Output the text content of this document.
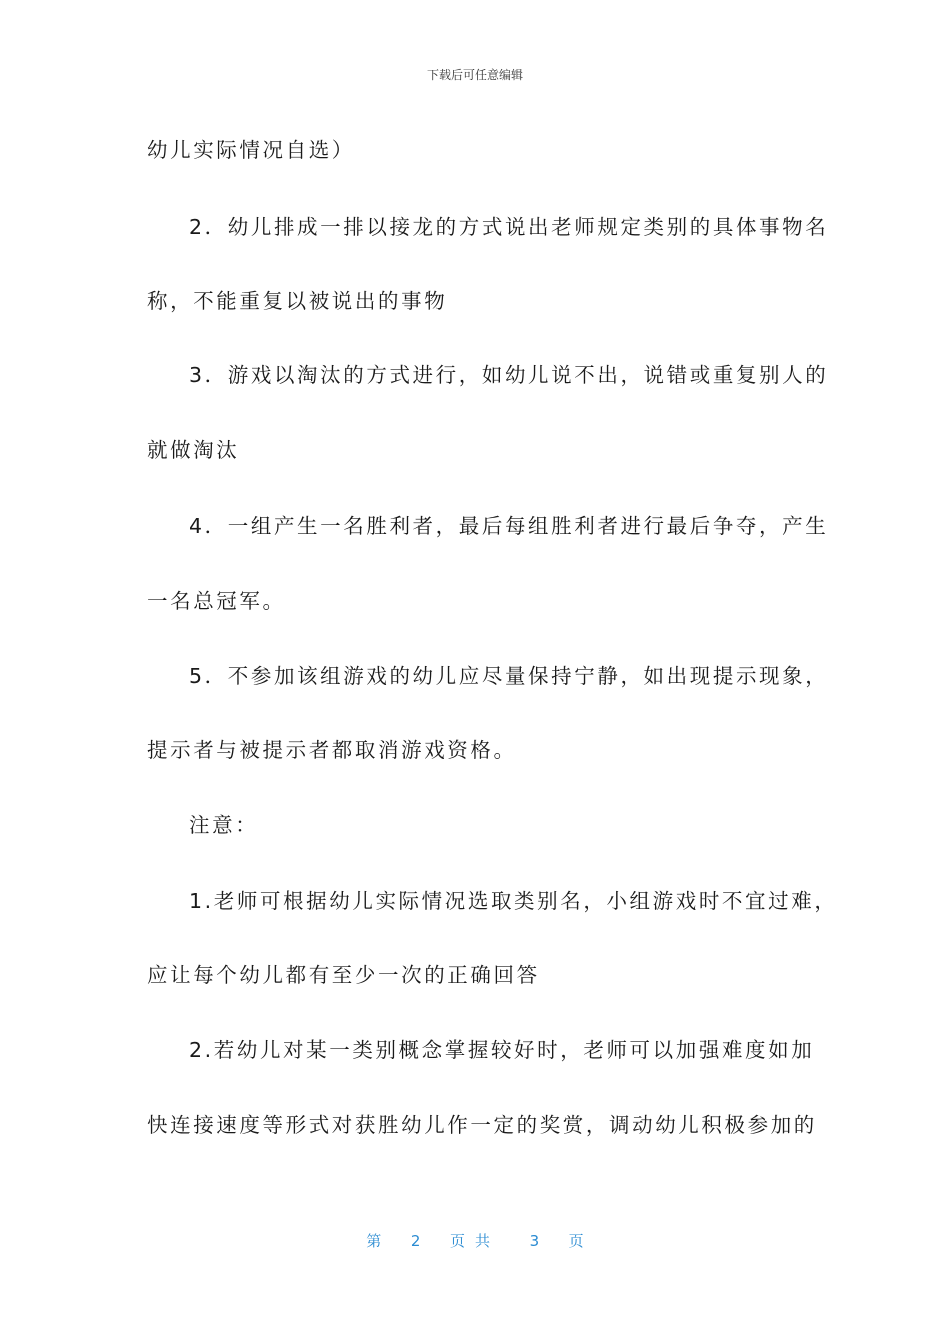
下载后可任意编辑
幼儿实际情况自选）
2．幼儿排成一排以接龙的方式说出老师规定类别的具体事物名
称，不能重复以被说出的事物
3．游戏以淘汰的方式进行，如幼儿说不出，说错或重复别人的
就做淘汰
4．一组产生一名胜利者，最后每组胜利者进行最后争夺，产生
一名总冠军。
5．不参加该组游戏的幼儿应尽量保持宁静，如出现提示现象，
提示者与被提示者都取消游戏资格。
注意：
1.老师可根据幼儿实际情况选取类别名，小组游戏时不宜过难，
应让每个幼儿都有至少一次的正确回答
2.若幼儿对某一类别概念掌握较好时，老师可以加强难度如加
快连接速度等形式对获胜幼儿作一定的奖赏，调动幼儿积极参加的
第 2 页共 3 页
